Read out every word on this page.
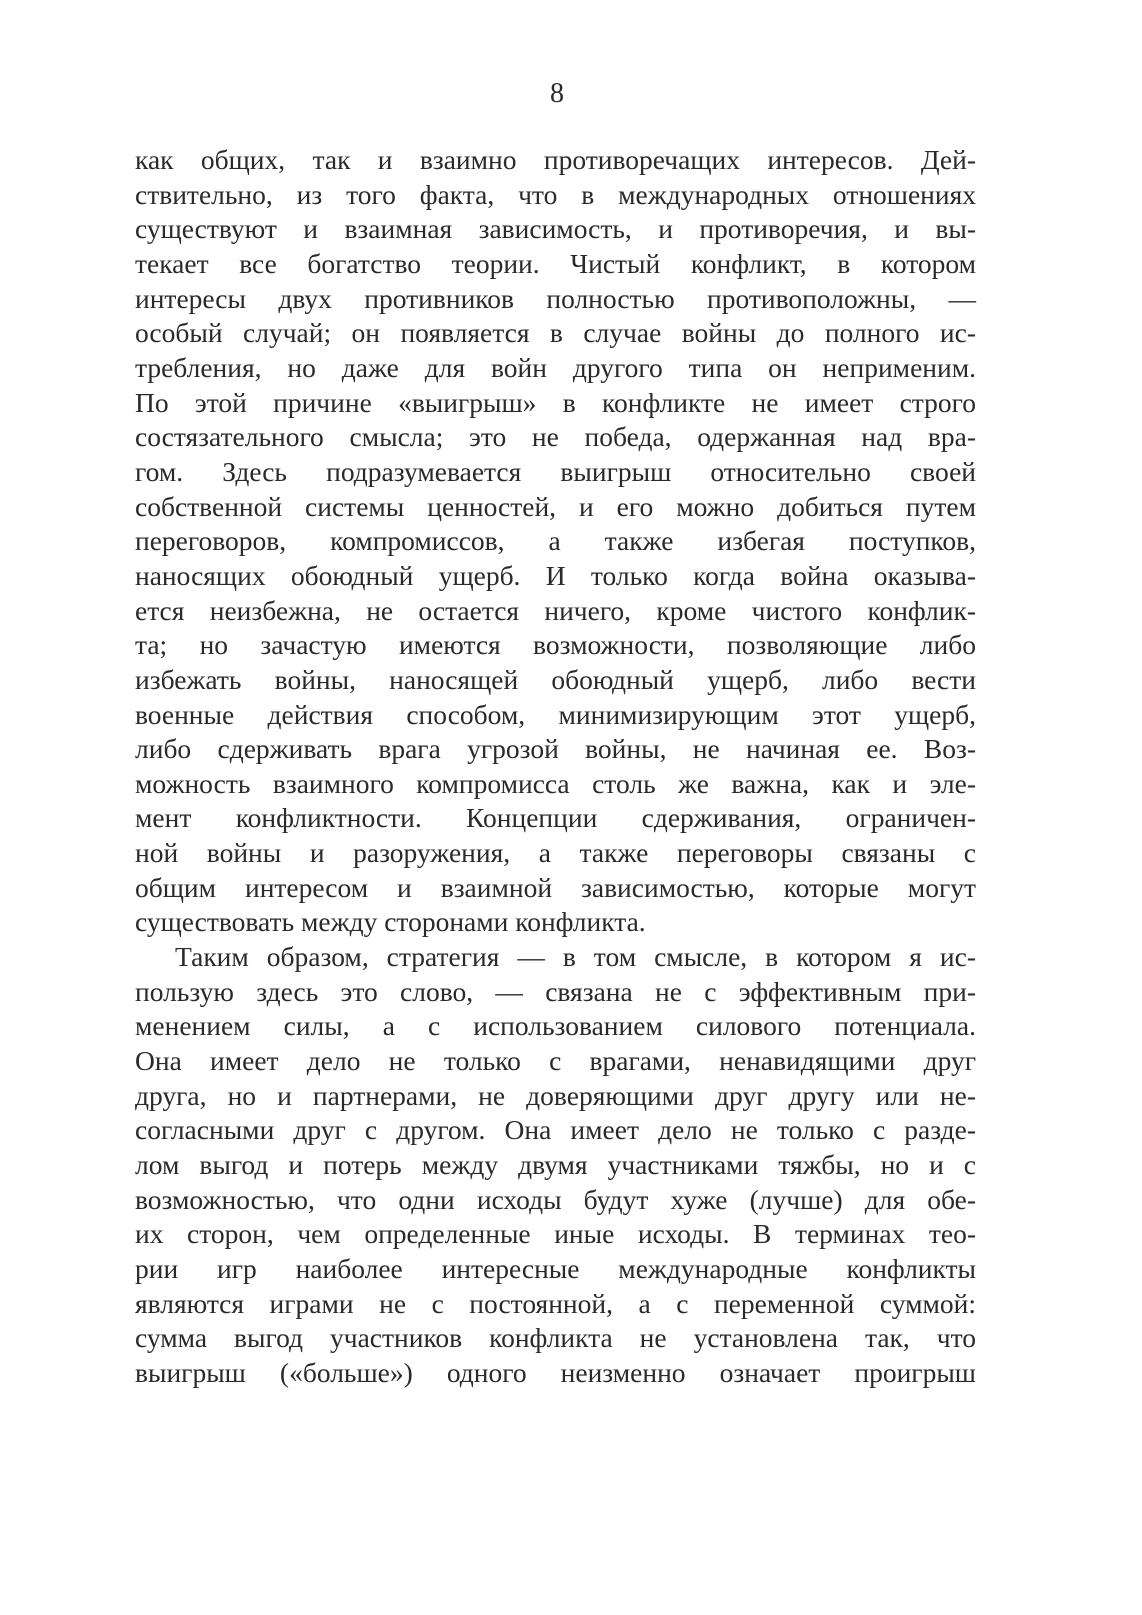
8
как общих, так и взаимно противоречащих интересов. Дей-
ствительно, из того факта, что в международных отношениях
существуют и взаимная зависимость, и противоречия, и вы-
текает все богатство теории. Чистый конфликт, в котором
интересы двух противников полностью противоположны, —
особый случай; он появляется в случае войны до полного ис-
требления, но даже для войн другого типа он неприменим.
По этой причине «выигрыш» в конфликте не имеет строго
состязательного смысла; это не победа, одержанная над вра-
гом. Здесь подразумевается выигрыш относительно своей
собственной системы ценностей, и его можно добиться путем
переговоров, компромиссов, а также избегая поступков,
наносящих обоюдный ущерб. И только когда война оказыва-
ется неизбежна, не остается ничего, кроме чистого конфлик-
та; но зачастую имеются возможности, позволяющие либо
избежать войны, наносящей обоюдный ущерб, либо вести
военные действия способом, минимизирующим этот ущерб,
либо сдерживать врага угрозой войны, не начиная ее. Воз-
можность взаимного компромисса столь же важна, как и эле-
мент конфликтности. Концепции сдерживания, ограничен-
ной войны и разоружения, а также переговоры связаны с
общим интересом и взаимной зависимостью, которые могут
существовать между сторонами конфликта.
Таким образом, стратегия — в том смысле, в котором я ис-
пользую здесь это слово, — связана не с эффективным при-
менением силы, а с использованием силового потенциала.
Она имеет дело не только с врагами, ненавидящими друг
друга, но и партнерами, не доверяющими друг другу или не-
согласными друг с другом. Она имеет дело не только с разде-
лом выгод и потерь между двумя участниками тяжбы, но и с
возможностью, что одни исходы будут хуже (лучше) для обе-
их сторон, чем определенные иные исходы. В терминах тео-
рии игр наиболее интересные международные конфликты
являются играми не с постоянной, а с переменной суммой:
сумма выгод участников конфликта не установлена так, что
выигрыш («больше») одного неизменно означает проигрыш
